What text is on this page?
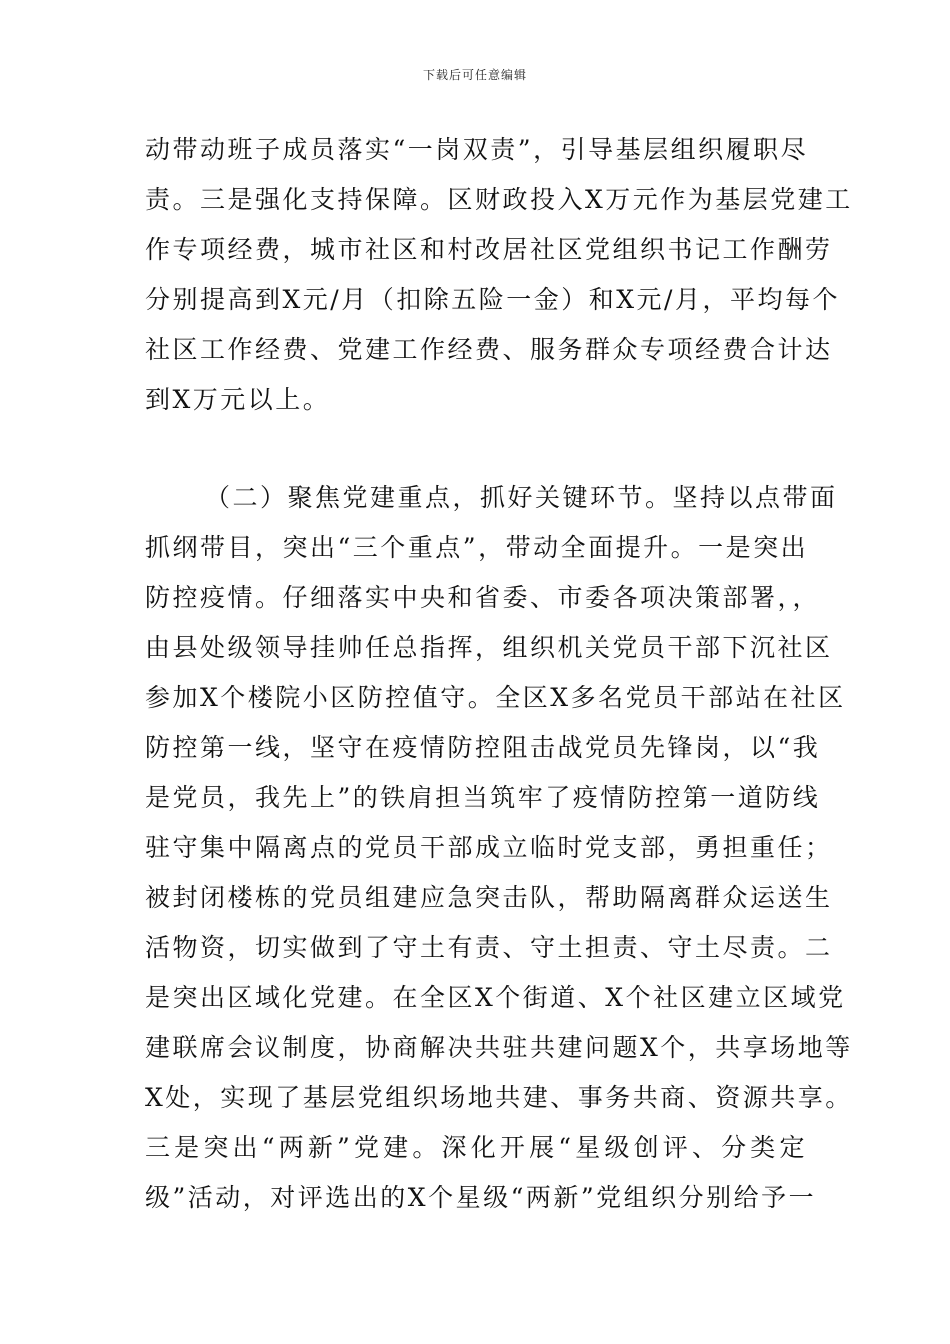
下载后可任意编辑
动带动班子成员落实“一岗双责”，引导基层组织履职尽
责。三是强化支持保障。区财政投入X万元作为基层党建工
作专项经费，城市社区和村改居社区党组织书记工作酬劳
分别提高到X元/月（扣除五险一金）和X元/月，平均每个
社区工作经费、党建工作经费、服务群众专项经费合计达
到X万元以上。
（二）聚焦党建重点，抓好关键环节。坚持以点带面
抓纲带目，突出“三个重点”，带动全面提升。一是突出
防控疫情。仔细落实中央和省委、市委各项决策部署，，
由县处级领导挂帅任总指挥，组织机关党员干部下沉社区
参加X个楼院小区防控值守。全区X多名党员干部站在社区
防控第一线，坚守在疫情防控阻击战党员先锋岗，以“我
是党员，我先上”的铁肩担当筑牢了疫情防控第一道防线
驻守集中隔离点的党员干部成立临时党支部，勇担重任；
被封闭楼栋的党员组建应急突击队，帮助隔离群众运送生
活物资，切实做到了守土有责、守土担责、守土尽责。二
是突出区域化党建。在全区X个街道、X个社区建立区域党
建联席会议制度，协商解决共驻共建问题X个，共享场地等
X处，实现了基层党组织场地共建、事务共商、资源共享。
三是突出“两新”党建。深化开展“星级创评、分类定
级”活动，对评选出的X个星级“两新”党组织分别给予一
